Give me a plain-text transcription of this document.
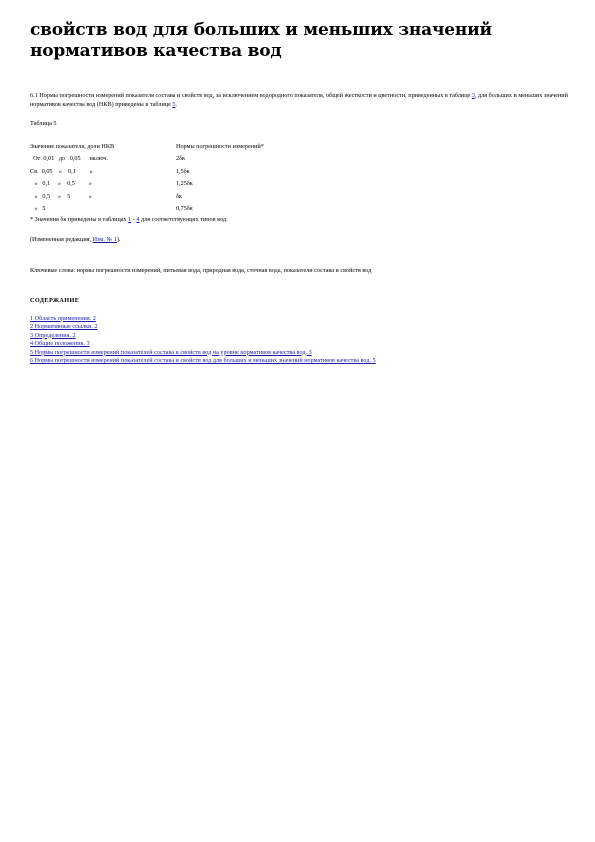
свойств вод для больших и меньших значений нормативов качества вод
6.1 Нормы погрешности измерений показателя состава и свойств вод, за исключением водородного показателя, общей жесткости и цветности, приведенных в таблице 3, для больших и меньших значений нормативов качества вод (НКВ) приведены в таблице 5.
Таблица 5
Значение показателя, доли НКВ	Нормы погрешности измерений*
От  0,01   до   0,05      включ.	2δк
Св.  0,05    »    0,1         »	1,5δк
»   0,1     »    0,5         »	1,25δк
»   0,5     »    5            »	δк
»   5	0,75δк
* Значения δк приведены в таблицах 1 - 4 для соответствующих типов вод.
(Измененная редакция, Изм. № 1).
Ключевые слова: нормы погрешности измерений, питьевая вода, природная вода, сточная вода, показатели состава и свойств вод
СОДЕРЖАНИЕ
1 Область применения. 2
2 Нормативные ссылки. 2
3 Определения. 2
4 Общие положения. 3
5 Нормы погрешности измерений показателей состава и свойств вод на уровне нормативов качества вод. 3
6 Нормы погрешности измерений показателей состава и свойств вод для больших и меньших значений нормативов качества вод. 5
